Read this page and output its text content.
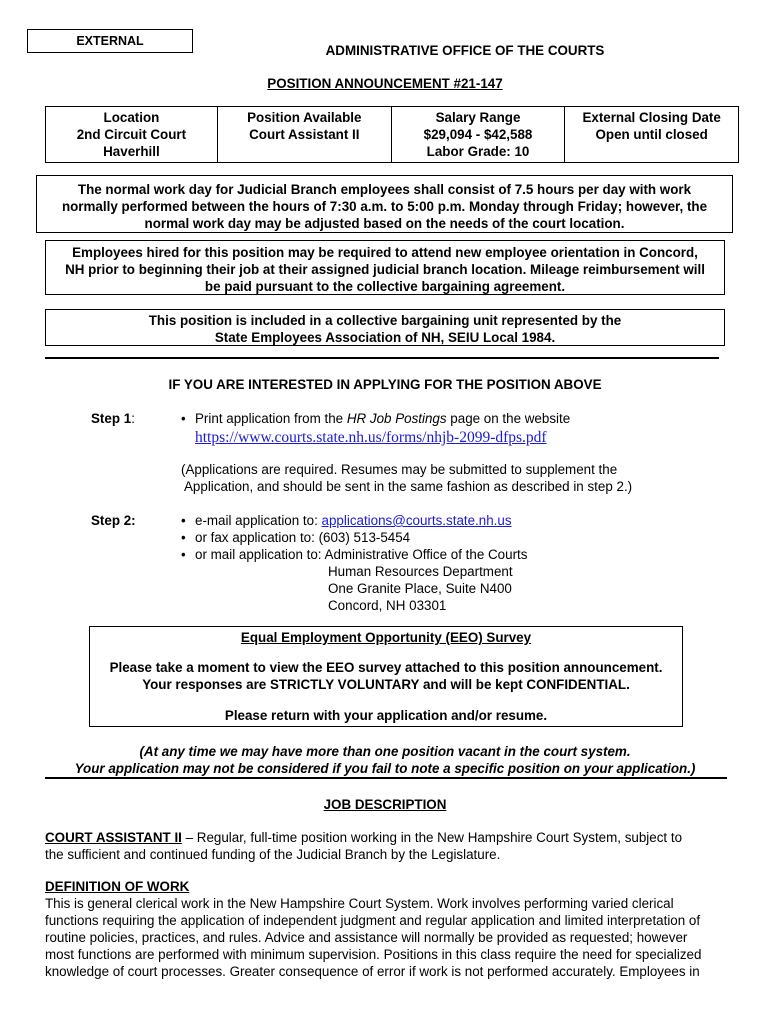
EXTERNAL
ADMINISTRATIVE OFFICE OF THE COURTS
POSITION ANNOUNCEMENT #21-147
Location
2nd Circuit Court
Haverhill

Position Available
Court Assistant II

Salary Range
$29,094 - $42,588
Labor Grade: 10

External Closing Date
Open until closed
The normal work day for Judicial Branch employees shall consist of 7.5 hours per day with work
normally performed between the hours of 7:30 a.m. to 5:00 p.m. Monday through Friday; however, the
normal work day may be adjusted based on the needs of the court location.
Employees hired for this position may be required to attend new employee orientation in Concord,
NH prior to beginning their job at their assigned judicial branch location. Mileage reimbursement will
be paid pursuant to the collective bargaining agreement.
This position is included in a collective bargaining unit represented by the
State Employees Association of NH, SEIU Local 1984.
IF YOU ARE INTERESTED IN APPLYING FOR THE POSITION ABOVE
Step 1:	• Print application from the HR Job Postings page on the website
https://www.courts.state.nh.us/forms/nhjb-2099-dfps.pdf
(Applications are required. Resumes may be submitted to supplement the
Application, and should be sent in the same fashion as described in step 2.)
Step 2:	• e-mail application to: applications@courts.state.nh.us
• or fax application to: (603) 513-5454
• or mail application to: Administrative Office of the Courts
Human Resources Department
One Granite Place, Suite N400
Concord, NH 03301
Equal Employment Opportunity (EEO) Survey
Please take a moment to view the EEO survey attached to this position announcement.
Your responses are STRICTLY VOLUNTARY and will be kept CONFIDENTIAL.
Please return with your application and/or resume.
(At any time we may have more than one position vacant in the court system.
Your application may not be considered if you fail to note a specific position on your application.)
JOB DESCRIPTION
COURT ASSISTANT II – Regular, full-time position working in the New Hampshire Court System, subject to
the sufficient and continued funding of the Judicial Branch by the Legislature.
DEFINITION OF WORK
This is general clerical work in the New Hampshire Court System. Work involves performing varied clerical
functions requiring the application of independent judgment and regular application and limited interpretation of
routine policies, practices, and rules. Advice and assistance will normally be provided as requested; however
most functions are performed with minimum supervision. Positions in this class require the need for specialized
knowledge of court processes. Greater consequence of error if work is not performed accurately. Employees in
